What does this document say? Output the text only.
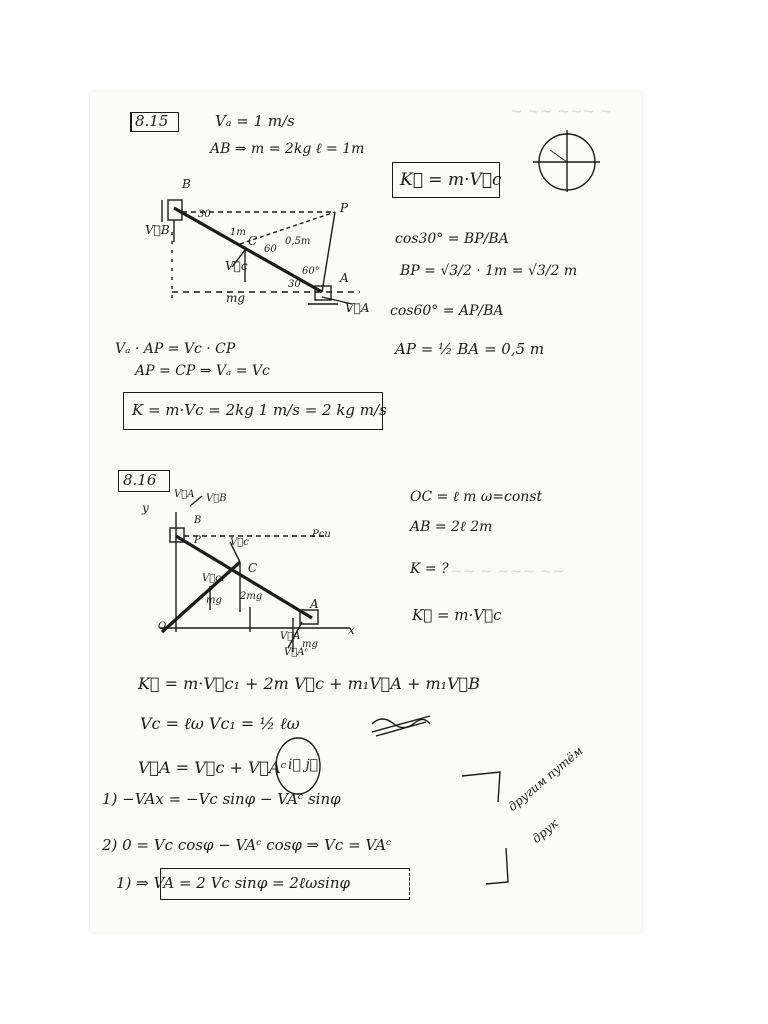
~ ~~ ~~~ ~
~~ ~ ~~~ ~~
8.15	Vₐ = 1 m/s
AB ⇒ m = 2kg ℓ = 1m
K⃗ = m·V⃗c
cos30° = BP/BA
BP = √3/2 · 1m = √3/2 m
cos60° = AP/BA
AP = ½ BA = 0,5 m
B
P
C
A
30
60°
30
1m
0,5m
60
V⃗B
V⃗c
mg
V⃗A
Vₐ · AP = Vc · CP
AP = CP ⇒ Vₐ = Vc
K = m·Vc = 2kg 1 m/s = 2 kg m/s
8.16
OC = ℓ m ω=const
AB = 2ℓ 2m
K = ?
K⃗ = m·V⃗c
y
x
B
P
Pcu
C
A
O
V⃗A V⃗B
V⃗c
V⃗c₁
mg 2mg
mg
V⃗A
V⃗Aᶜ
K⃗ = m·V⃗c₁ + 2m V⃗c + m₁V⃗A + m₁V⃗B
Vc = ℓω Vc₁ = ½ ℓω
V⃗A = V⃗c + V⃗Aᶜ i⃗ j⃗
1) −VAx = −Vc sinφ − VAᶜ sinφ
2) 0 = Vc cosφ − VAᶜ cosφ ⇒ Vc = VAᶜ
1) ⇒ VA = 2 Vc sinφ = 2ℓωsinφ
другим путём
друк
